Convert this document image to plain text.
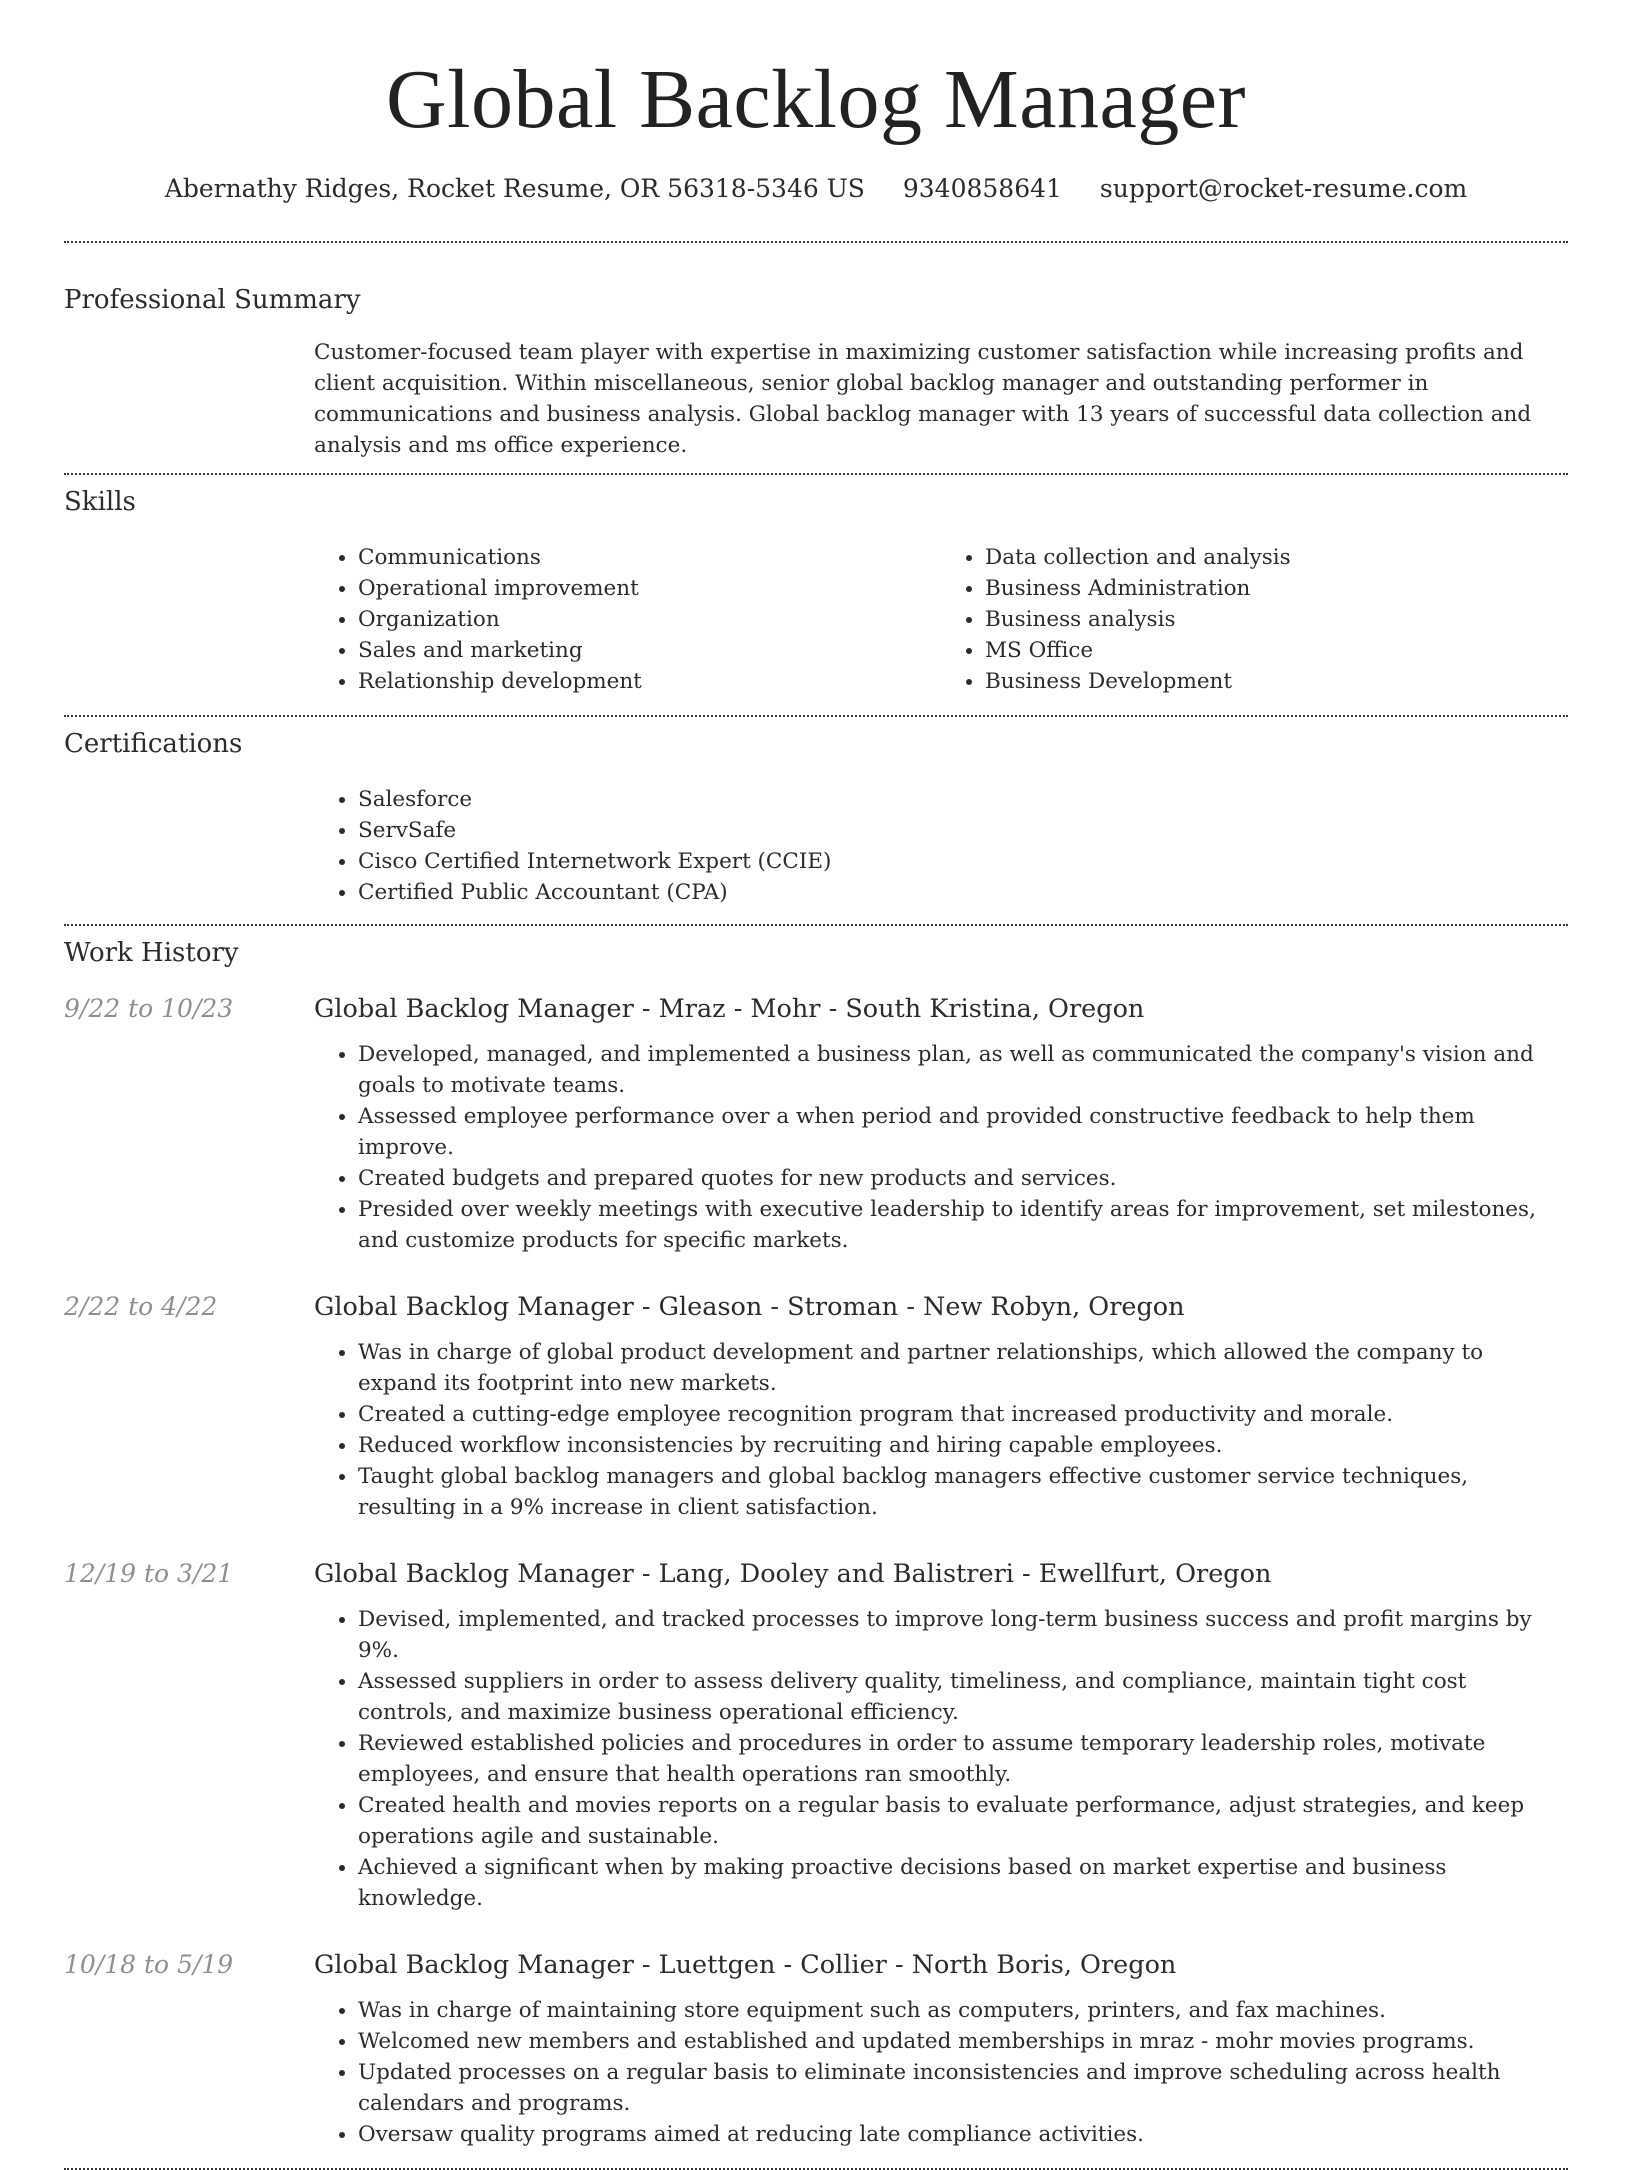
Global Backlog Manager
Abernathy Ridges, Rocket Resume, OR 56318-5346 US 9340858641 support@rocket-resume.com
Professional Summary

Customer-focused team player with expertise in maximizing customer satisfaction while increasing profits and client acquisition. Within miscellaneous, senior global backlog manager and outstanding performer in communications and business analysis. Global backlog manager with 13 years of successful data collection and analysis and ms office experience.

Skills
• Communications
• Operational improvement
• Organization
• Sales and marketing
• Relationship development
• Data collection and analysis
• Business Administration
• Business analysis
• MS Office
• Business Development
Certifications
• Salesforce
• ServSafe
• Cisco Certified Internetwork Expert (CCIE)
• Certified Public Accountant (CPA)
Work History
9/22 to 10/23	Global Backlog Manager - Mraz - Mohr - South Kristina, Oregon
• Developed, managed, and implemented a business plan, as well as communicated the company's vision and goals to motivate teams.
• Assessed employee performance over a when period and provided constructive feedback to help them improve.
• Created budgets and prepared quotes for new products and services.
• Presided over weekly meetings with executive leadership to identify areas for improvement, set milestones, and customize products for specific markets.
2/22 to 4/22	Global Backlog Manager - Gleason - Stroman - New Robyn, Oregon
• Was in charge of global product development and partner relationships, which allowed the company to expand its footprint into new markets.
• Created a cutting-edge employee recognition program that increased productivity and morale.
• Reduced workflow inconsistencies by recruiting and hiring capable employees.
• Taught global backlog managers and global backlog managers effective customer service techniques, resulting in a 9% increase in client satisfaction.
12/19 to 3/21	Global Backlog Manager - Lang, Dooley and Balistreri - Ewellfurt, Oregon
• Devised, implemented, and tracked processes to improve long-term business success and profit margins by 9%.
• Assessed suppliers in order to assess delivery quality, timeliness, and compliance, maintain tight cost controls, and maximize business operational efficiency.
• Reviewed established policies and procedures in order to assume temporary leadership roles, motivate employees, and ensure that health operations ran smoothly.
• Created health and movies reports on a regular basis to evaluate performance, adjust strategies, and keep operations agile and sustainable.
• Achieved a significant when by making proactive decisions based on market expertise and business knowledge.
10/18 to 5/19	Global Backlog Manager - Luettgen - Collier - North Boris, Oregon
• Was in charge of maintaining store equipment such as computers, printers, and fax machines.
• Welcomed new members and established and updated memberships in mraz - mohr movies programs.
• Updated processes on a regular basis to eliminate inconsistencies and improve scheduling across health calendars and programs.
• Oversaw quality programs aimed at reducing late compliance activities.
